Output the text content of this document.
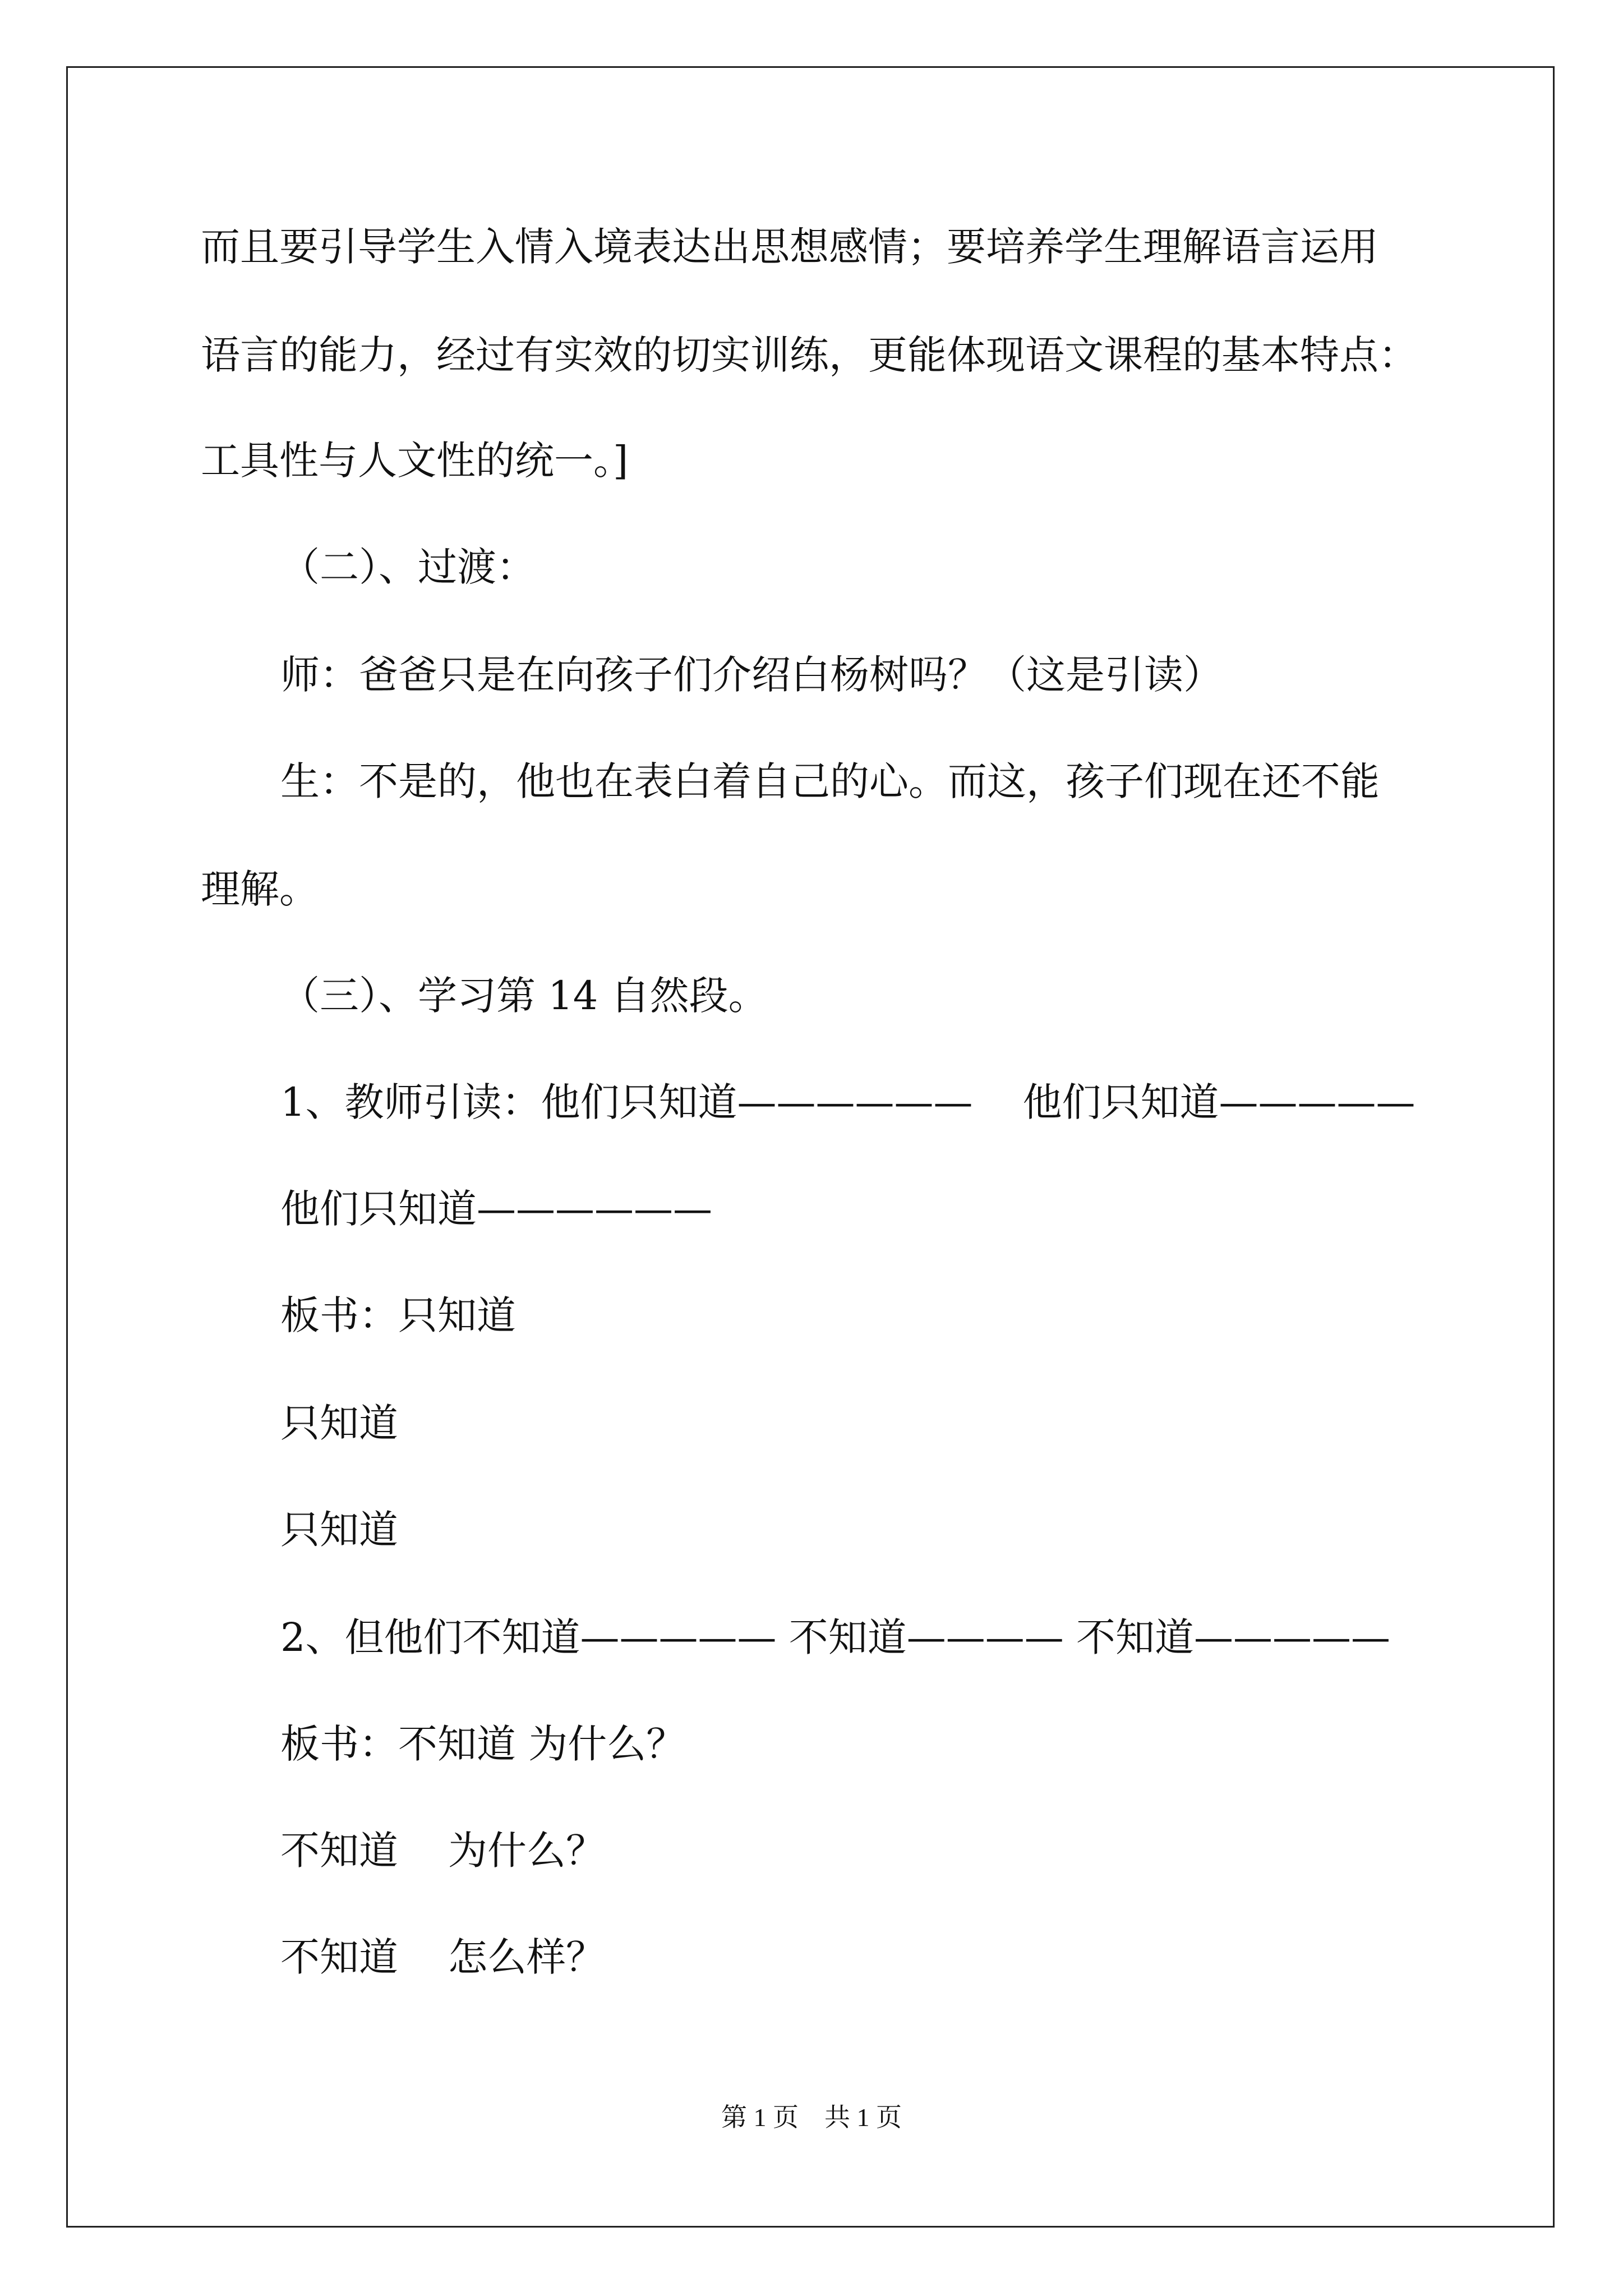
而且要引导学生入情入境表达出思想感情；要培养学生理解语言运用
语言的能力，经过有实效的切实训练，更能体现语文课程的基本特点：
工具性与人文性的统一。]
（二）、过渡：
师：爸爸只是在向孩子们介绍白杨树吗？（这是引读）
生：不是的，他也在表白着自己的心。而这，孩子们现在还不能
理解。
（三）、学习第 14 自然段。
1、教师引读：他们只知道——————    他们只知道—————
他们只知道——————
板书：只知道
只知道
只知道
2、但他们不知道————— 不知道———— 不知道—————
板书：不知道 为什么？
不知道    为什么？
不知道    怎么样？
第 1 页    共 1 页
